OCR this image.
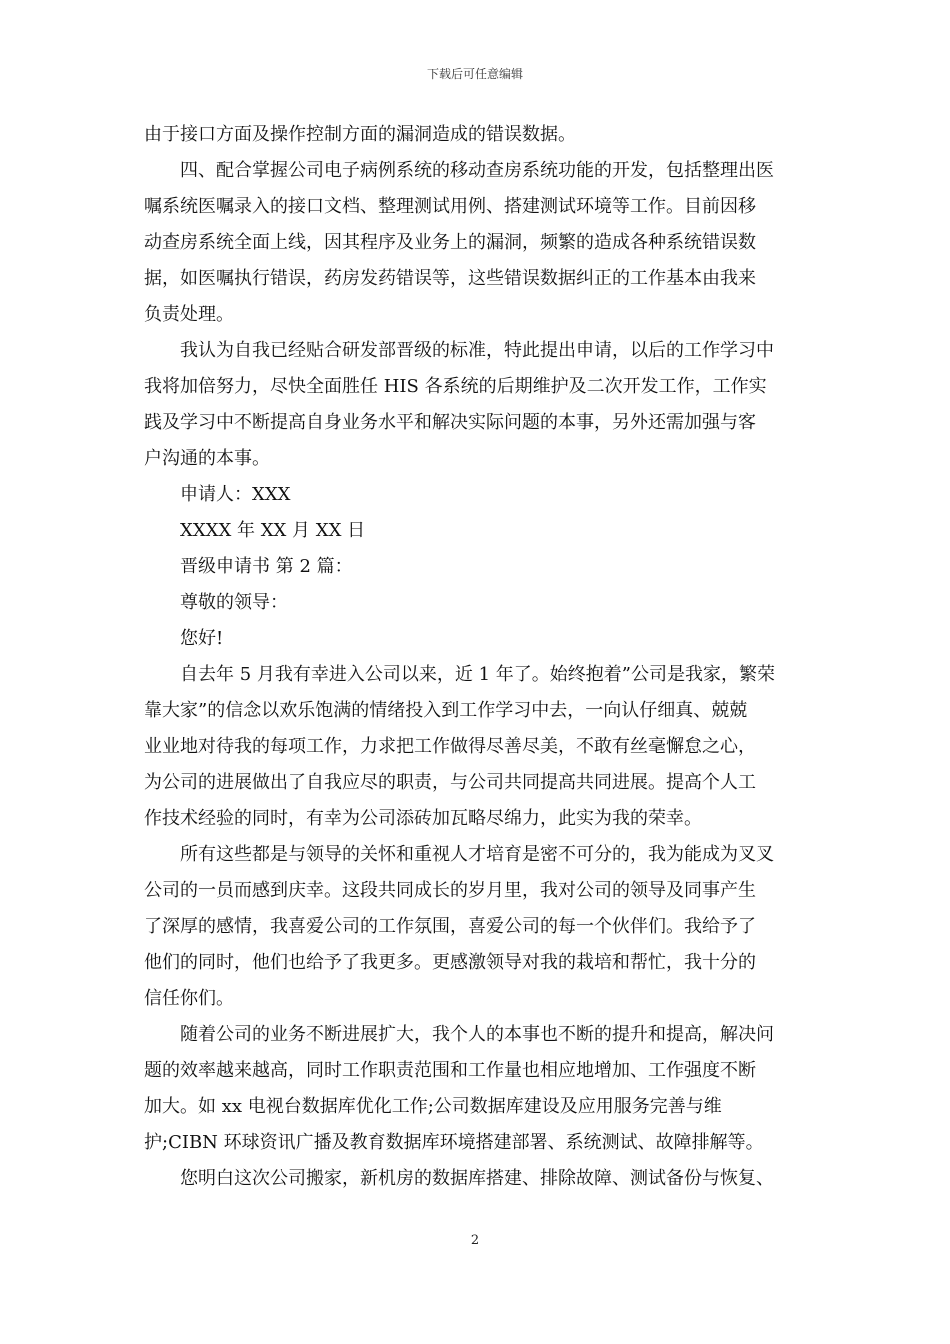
下载后可任意编辑
由于接口方面及操作控制方面的漏洞造成的错误数据。
　　四、配合掌握公司电子病例系统的移动查房系统功能的开发，包括整理出医
嘱系统医嘱录入的接口文档、整理测试用例、搭建测试环境等工作。目前因移
动查房系统全面上线，因其程序及业务上的漏洞，频繁的造成各种系统错误数
据，如医嘱执行错误，药房发药错误等，这些错误数据纠正的工作基本由我来
负责处理。
　　我认为自我已经贴合研发部晋级的标准，特此提出申请，以后的工作学习中
我将加倍努力，尽快全面胜任 HIS 各系统的后期维护及二次开发工作，工作实
践及学习中不断提高自身业务水平和解决实际问题的本事，另外还需加强与客
户沟通的本事。
　　申请人：XXX
　　XXXX 年 XX 月 XX 日
　　晋级申请书 第 2 篇：
　　尊敬的领导：
　　您好!
　　自去年 5 月我有幸进入公司以来，近 1 年了。始终抱着”公司是我家，繁荣
靠大家”的信念以欢乐饱满的情绪投入到工作学习中去，一向认仔细真、兢兢
业业地对待我的每项工作，力求把工作做得尽善尽美，不敢有丝毫懈怠之心，
为公司的进展做出了自我应尽的职责，与公司共同提高共同进展。提高个人工
作技术经验的同时，有幸为公司添砖加瓦略尽绵力，此实为我的荣幸。
　　所有这些都是与领导的关怀和重视人才培育是密不可分的，我为能成为叉叉
公司的一员而感到庆幸。这段共同成长的岁月里，我对公司的领导及同事产生
了深厚的感情，我喜爱公司的工作氛围，喜爱公司的每一个伙伴们。我给予了
他们的同时，他们也给予了我更多。更感激领导对我的栽培和帮忙，我十分的
信任你们。
　　随着公司的业务不断进展扩大，我个人的本事也不断的提升和提高，解决问
题的效率越来越高，同时工作职责范围和工作量也相应地增加、工作强度不断
加大。如 xx 电视台数据库优化工作;公司数据库建设及应用服务完善与维
护;CIBN 环球资讯广播及教育数据库环境搭建部署、系统测试、故障排解等。
　　您明白这次公司搬家，新机房的数据库搭建、排除故障、测试备份与恢复、
2
